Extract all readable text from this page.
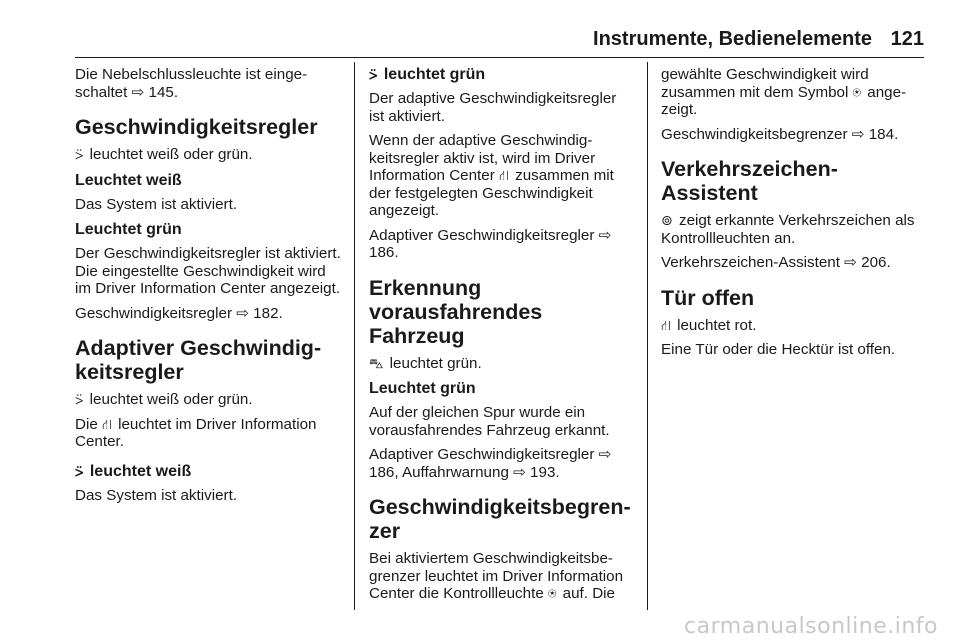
Instrumente, Bedienelemente 121

Die Nebelschlussleuchte ist eingeschaltet ⇨ 145.

Geschwindigkeitsregler

⍩ leuchtet weiß oder grün.

Leuchtet weiß

Das System ist aktiviert.

Leuchtet grün

Der Geschwindigkeitsregler ist aktiviert. Die eingestellte Geschwindigkeit wird im Driver Information Center angezeigt.

Geschwindigkeitsregler ⇨ 182.

Adaptiver Geschwindigkeitsregler

⍩ leuchtet weiß oder grün.

Die ⛙ leuchtet im Driver Information Center.

⍩ leuchtet weiß

Das System ist aktiviert.

⍩ leuchtet grün

Der adaptive Geschwindigkeitsregler ist aktiviert.

Wenn der adaptive Geschwindigkeitsregler aktiv ist, wird im Driver Information Center ⛙ zusammen mit der festgelegten Geschwindigkeit angezeigt.

Adaptiver Geschwindigkeitsregler ⇨ 186.

Erkennung vorausfahrendes Fahrzeug

⛍ leuchtet grün.

Leuchtet grün

Auf der gleichen Spur wurde ein vorausfahrendes Fahrzeug erkannt.

Adaptiver Geschwindigkeitsregler ⇨ 186, Auffahrwarnung ⇨ 193.

Geschwindigkeitsbegrenzer

Bei aktiviertem Geschwindigkeitsbegrenzer leuchtet im Driver Information Center die Kontrollleuchte ⍟ auf. Die

gewählte Geschwindigkeit wird zusammen mit dem Symbol ⍟ angezeigt.

Geschwindigkeitsbegrenzer ⇨ 184.

Verkehrszeichen-Assistent

⊚ zeigt erkannte Verkehrszeichen als Kontrollleuchten an.

Verkehrszeichen-Assistent ⇨ 206.

Tür offen

⛙ leuchtet rot.

Eine Tür oder die Hecktür ist offen.

carmanualsonline.info
